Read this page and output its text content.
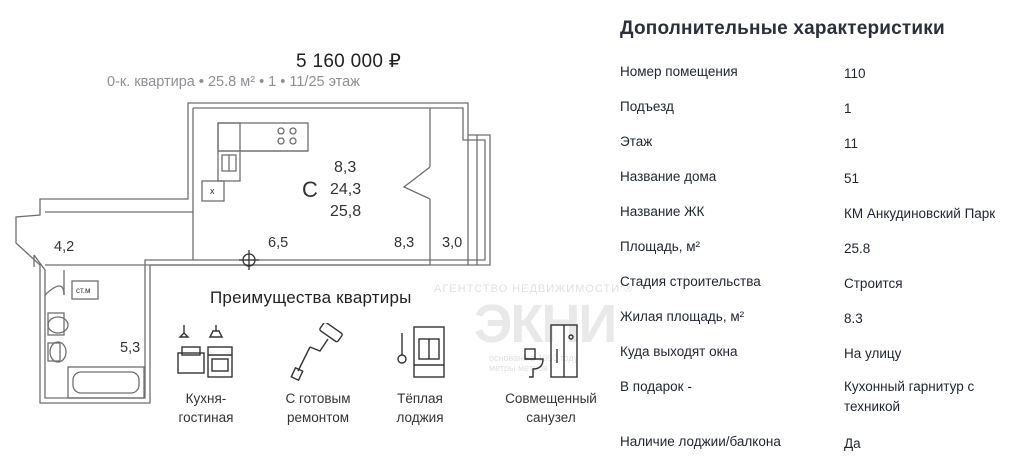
5 160 000 ₽
0-к. квартира • 25.8 м² • 1 • 11/25 этаж
С
8,3
24,3
25,8
4,2	6,5	8,3 3,0
5,3
ст.м
x
АГЕНТСТВО НЕДВИЖИМОСТИ ®
ЭКНИ
основано в 1993 году
метры метров
Преимущества квартиры
Кухня-
гостиная
С готовым
ремонтом
Тёплая
лоджия
Совмещенный
санузел
Дополнительные характеристики
Номер помещения	110
Подъезд	1
Этаж	11
Название дома	51
Название ЖК	КМ Анкудиновский Парк
Площадь, м²	25.8
Стадия строительства	Строится
Жилая площадь, м²	8.3
Куда выходят окна	На улицу
В подарок -	Кухонный гарнитур с техникой
Наличие лоджии/балкона	Да
